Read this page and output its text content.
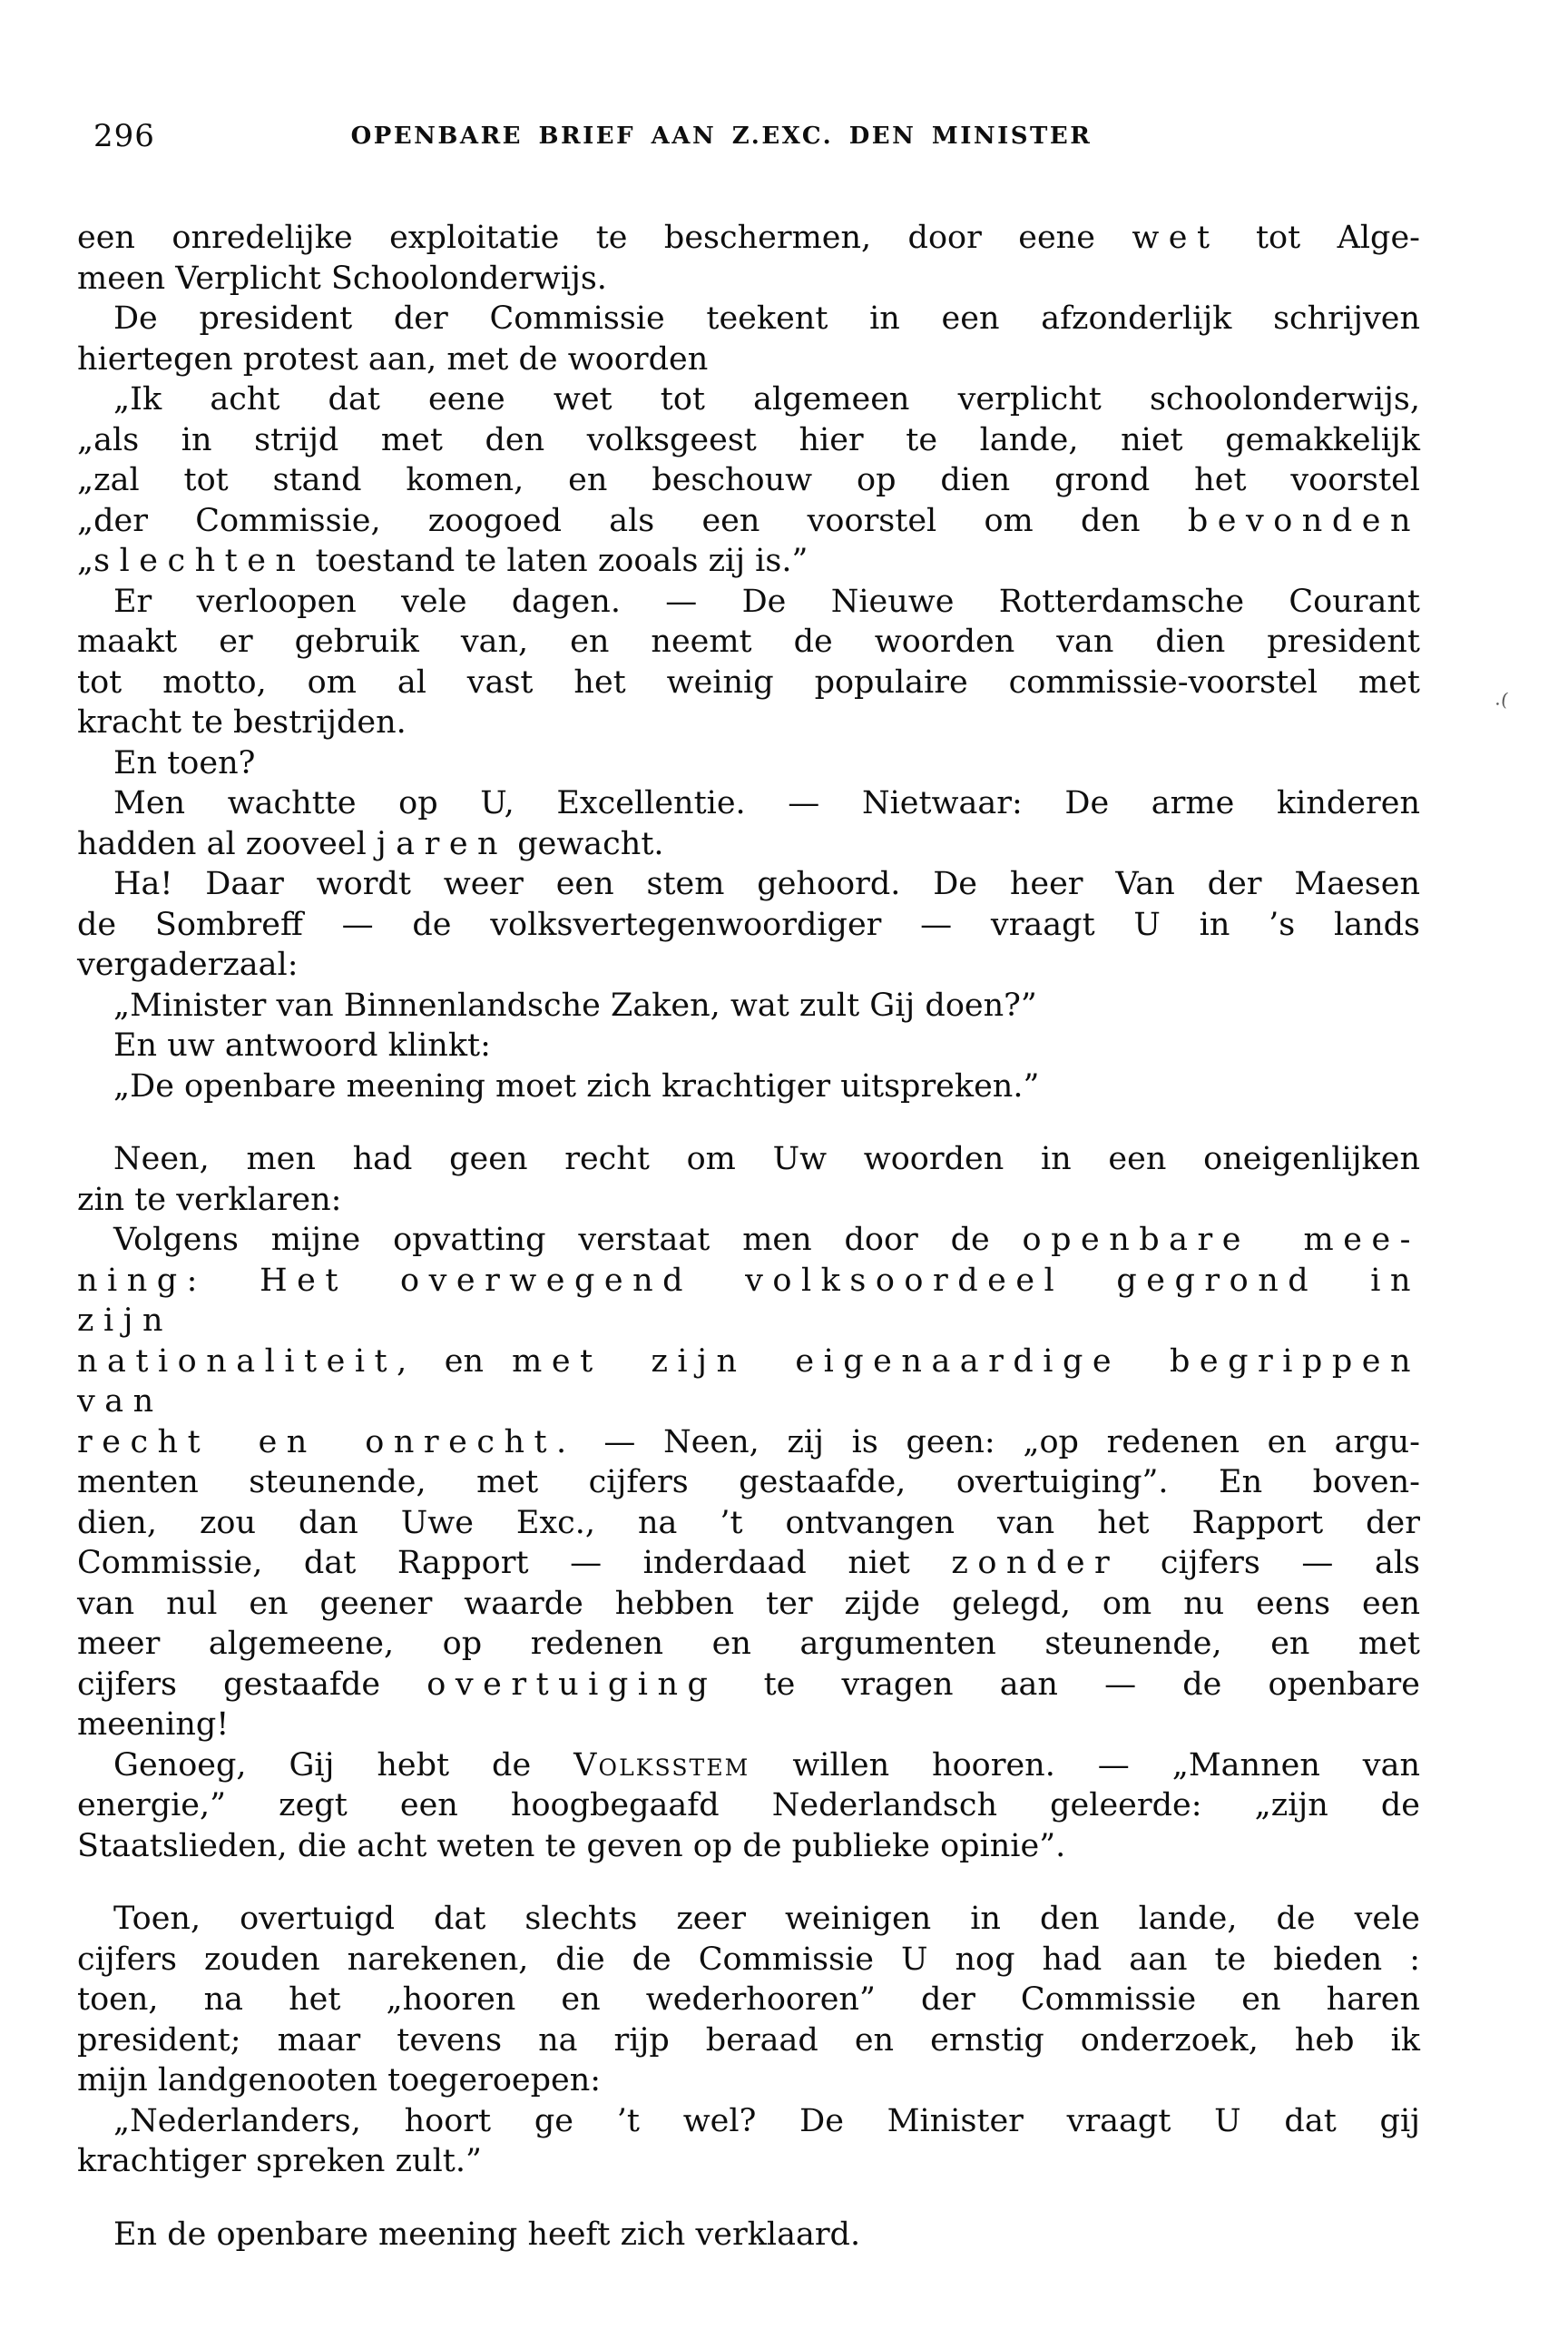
296	OPENBARE BRIEF AAN Z.EXC. DEN MINISTER
een onredelijke exploitatie te beschermen, door eene wet tot Alge-
meen Verplicht Schoolonderwijs.
De president der Commissie teekent in een afzonderlijk schrijven
hiertegen protest aan, met de woorden
„Ik acht dat eene wet tot algemeen verplicht schoolonderwijs,
„als in strijd met den volksgeest hier te lande, niet gemakkelijk
„zal tot stand komen, en beschouw op dien grond het voorstel
„der Commissie, zoogoed als een voorstel om den bevonden
„slechten toestand te laten zooals zij is.”
Er verloopen vele dagen. — De Nieuwe Rotterdamsche Courant
maakt er gebruik van, en neemt de woorden van dien president
tot motto, om al vast het weinig populaire commissie-voorstel met
kracht te bestrijden.
En toen?
Men wachtte op U, Excellentie. — Nietwaar: De arme kinderen
hadden al zooveel jaren gewacht.
Ha! Daar wordt weer een stem gehoord. De heer Van der Maesen
de Sombreff — de volksvertegenwoordiger — vraagt U in ’s lands
vergaderzaal:
„Minister van Binnenlandsche Zaken, wat zult Gij doen?”
En uw antwoord klinkt:
„De openbare meening moet zich krachtiger uitspreken.”
Neen, men had geen recht om Uw woorden in een oneigenlijken
zin te verklaren:
Volgens mijne opvatting verstaat men door de openbare mee-
ning: Het overwegend volksoordeel gegrond in zijn
nationaliteit, en met zijn eigenaardige begrippen van
recht en onrecht. — Neen, zij is geen: „op redenen en argu-
menten steunende, met cijfers gestaafde, overtuiging”. En boven-
dien, zou dan Uwe Exc., na ’t ontvangen van het Rapport der
Commissie, dat Rapport — inderdaad niet zonder cijfers — als
van nul en geener waarde hebben ter zijde gelegd, om nu eens een
meer algemeene, op redenen en argumenten steunende, en met
cijfers gestaafde overtuiging te vragen aan — de openbare
meening!
Genoeg, Gij hebt de Volksstem willen hooren. — „Mannen van
energie,” zegt een hoogbegaafd Nederlandsch geleerde: „zijn de
Staatslieden, die acht weten te geven op de publieke opinie”.
Toen, overtuigd dat slechts zeer weinigen in den lande, de vele
cijfers zouden narekenen, die de Commissie U nog had aan te bieden :
toen, na het „hooren en wederhooren” der Commissie en haren
president; maar tevens na rijp beraad en ernstig onderzoek, heb ik
mijn landgenooten toegeroepen:
„Nederlanders, hoort ge ’t wel? De Minister vraagt U dat gij
krachtiger spreken zult.”
En de openbare meening heeft zich verklaard.
.(
